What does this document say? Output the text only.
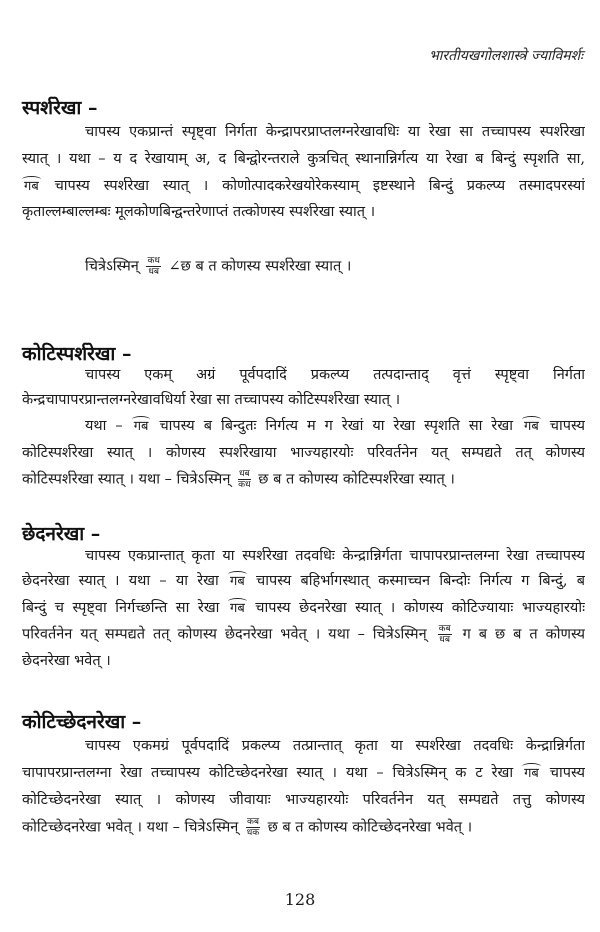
भारतीयखगोलशास्त्रे ज्याविमर्शः
स्पर्शरेखा –
चापस्य एकप्रान्तं स्पृष्ट्वा निर्गता केन्द्रापरप्राप्तलग्नरेखावधिः या रेखा सा तच्चापस्य स्पर्शरेखा
स्यात् । यथा – य द रेखायाम् अ, द बिन्द्वोरन्तराले कुत्रचित् स्थानान्निर्गत्य या रेखा ब बिन्दुं स्पृशति सा,
गब चापस्य स्पर्शरेखा स्यात् । कोणोत्पादकरेखयोरेकस्याम् इष्टस्थाने बिन्दुं प्रकल्प्य तस्मादपरस्यां
कृताल्लम्बाल्लम्बः मूलकोणबिन्द्वन्तरेणाप्तं तत्कोणस्य स्पर्शरेखा स्यात् ।
चित्रेऽस्मिन् $\frac{\text{कध}}{\text{धब}}$ ∠छ ब त कोणस्य स्पर्शरेखा स्यात् ।
कोटिस्पर्शरेखा –
चापस्य एकम् अग्रं पूर्वपदादिं प्रकल्प्य तत्पदान्ताद् वृत्तं स्पृष्ट्वा निर्गता
केन्द्रचापापरप्रान्तलग्नरेखावधिर्या रेखा सा तच्चापस्य कोटिस्पर्शरेखा स्यात् ।
यथा – गब चापस्य ब बिन्दुतः निर्गत्य म ग रेखां या रेखा स्पृशति सा रेखा गब चापस्य
कोटिस्पर्शरेखा स्यात् । कोणस्य स्पर्शरेखाया भाज्यहारयोः परिवर्तनेन यत् सम्पद्यते तत् कोणस्य
कोटिस्पर्शरेखा स्यात् । यथा – चित्रेऽस्मिन् $\frac{\text{धब}}{\text{कध}}$ छ ब त कोणस्य कोटिस्पर्शरेखा स्यात् ।
छेदनरेखा –
चापस्य एकप्रान्तात् कृता या स्पर्शरेखा तदवधिः केन्द्रान्निर्गता चापापरप्रान्तलग्ना रेखा तच्चापस्य
छेदनरेखा स्यात् । यथा – या रेखा गब चापस्य बहिर्भागस्थात् कस्माच्चन बिन्दोः निर्गत्य ग बिन्दुं, ब
बिन्दुं च स्पृष्ट्वा निर्गच्छन्ति सा रेखा गब चापस्य छेदनरेखा स्यात् । कोणस्य कोटिज्यायाः भाज्यहारयोः
परिवर्तनेन यत् सम्पद्यते तत् कोणस्य छेदनरेखा भवेत् । यथा – चित्रेऽस्मिन् $\frac{\text{कब}}{\text{धब}}$ ग ब छ ब त कोणस्य
छेदनरेखा भवेत् ।
कोटिच्छेदनरेखा –
चापस्य एकमग्रं पूर्वपदादिं प्रकल्प्य तत्प्रान्तात् कृता या स्पर्शरेखा तदवधिः केन्द्रान्निर्गता
चापापरप्रान्तलग्ना रेखा तच्चापस्य कोटिच्छेदनरेखा स्यात् । यथा – चित्रेऽस्मिन् क ट रेखा गब चापस्य
कोटिच्छेदनरेखा स्यात् । कोणस्य जीवायाः भाज्यहारयोः परिवर्तनेन यत् सम्पद्यते तत्तु कोणस्य
कोटिच्छेदनरेखा भवेत् । यथा – चित्रेऽस्मिन् $\frac{\text{कब}}{\text{धक}}$ छ ब त कोणस्य कोटिच्छेदनरेखा भवेत् ।
128
